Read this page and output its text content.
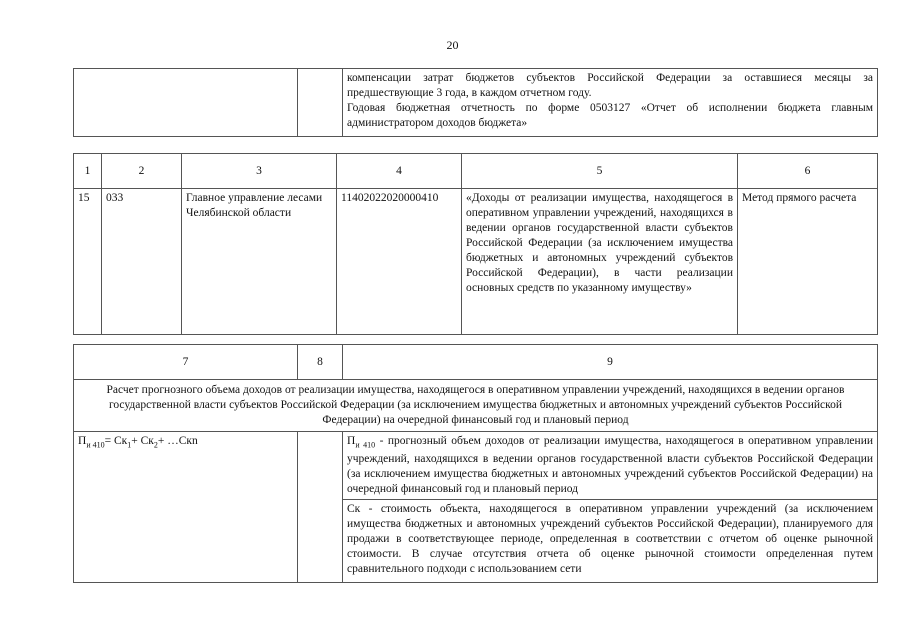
20

компенсации затрат бюджетов субъектов Российской Федерации за оставшиеся месяцы за предшествующие 3 года, в каждом отчетном году.
Годовая бюджетная отчетность по форме 0503127 «Отчет об исполнении бюджета главным администратором доходов бюджета»
1	2	3	4	5	6
15	033	Главное управление лесами Челябинской области	11402022020000410	«Доходы от реализации имущества, находящегося в оперативном управлении учреждений, находящихся в ведении органов государственной власти субъектов Российской Федерации (за исключением имущества бюджетных и автономных учреждений субъектов Российской Федерации), в части реализации основных средств по указанному имуществу»	Метод прямого расчета
7	8	9
Расчет прогнозного объема доходов от реализации имущества, находящегося в оперативном управлении учреждений, находящихся в ведении органов государственной власти субъектов Российской Федерации (за исключением имущества бюджетных и автономных учреждений субъектов Российской Федерации) на очередной финансовый год и плановый период		
$П_{и 410}= Ск_1+ Ск_2+$ …Скn		$П_{и 410}$ - прогнозный объем доходов от реализации имущества, находящегося в оперативном управлении учреждений, находящихся в ведении органов государственной власти субъектов Российской Федерации (за исключением имущества бюджетных и автономных учреждений субъектов Российской Федерации) на очередной финансовый год и плановый период
		Ск - стоимость объекта, находящегося в оперативном управлении учреждений (за исключением имущества бюджетных и автономных учреждений субъектов Российской Федерации), планируемого для продажи в соответствующее периоде, определенная в соответствии с отчетом об оценке рыночной стоимости. В случае отсутствия отчета об оценке рыночной стоимости определенная путем сравнительного подходи с использованием сети
